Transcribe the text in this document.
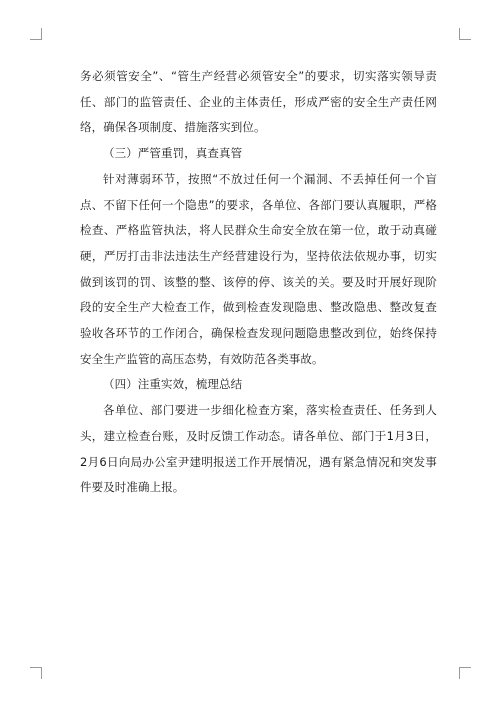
务必须管安全”、“管生产经营必须管安全”的要求，切实落实领导责任、部门的监管责任、企业的主体责任，形成严密的安全生产责任网络，确保各项制度、措施落实到位。

（三）严管重罚，真查真管

针对薄弱环节，按照“不放过任何一个漏洞、不丢掉任何一个盲点、不留下任何一个隐患”的要求，各单位、各部门要认真履职，严格检查、严格监管执法，将人民群众生命安全放在第一位，敢于动真碰硬，严厉打击非法违法生产经营建设行为，坚持依法依规办事，切实做到该罚的罚、该整的整、该停的停、该关的关。要及时开展好现阶段的安全生产大检查工作，做到检查发现隐患、整改隐患、整改复查验收各环节的工作闭合，确保检查发现问题隐患整改到位，始终保持安全生产监管的高压态势，有效防范各类事故。

（四）注重实效，梳理总结

各单位、部门要进一步细化检查方案，落实检查责任、任务到人头，建立检查台账，及时反馈工作动态。请各单位、部门于1月3日，2月6日向局办公室尹建明报送工作开展情况，遇有紧急情况和突发事件要及时准确上报。
